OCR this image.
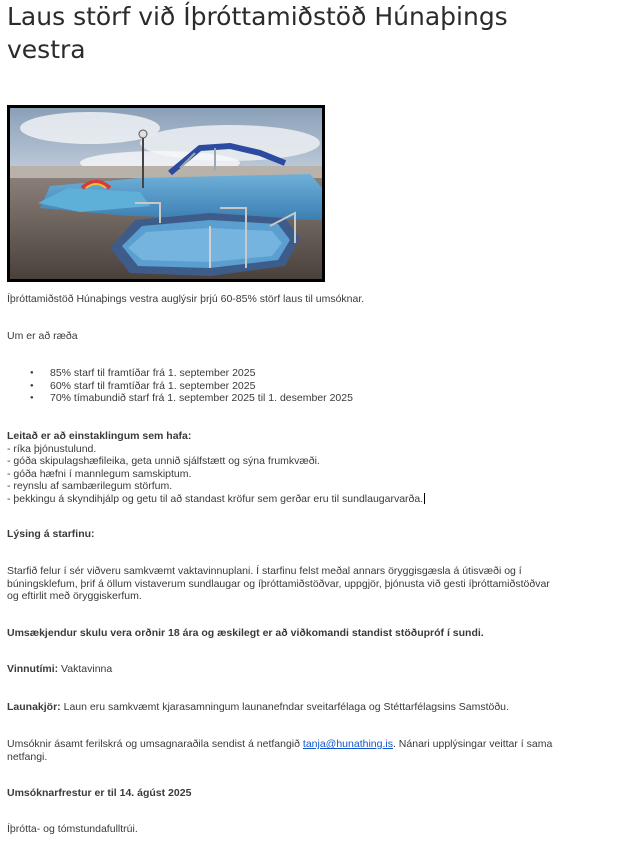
Laus störf við Íþróttamiðstöð Húnaþings vestra

Íþróttamiðstöð Húnaþings vestra auglýsir þrjú 60-85% störf laus til umsóknar.

Um er að ræða

● 85% starf til framtíðar frá 1. september 2025
● 60% starf til framtíðar frá 1. september 2025
● 70% tímabundið starf frá 1. september 2025 til 1. desember 2025
Leitað er að einstaklingum sem hafa:
- ríka þjónustulund.
- góða skipulagshæfileika, geta unnið sjálfstætt og sýna frumkvæði.
- góða hæfni í mannlegum samskiptum.
- reynslu af sambærilegum störfum.
- þekkingu á skyndihjálp og getu til að standast kröfur sem gerðar eru til sundlaugarvarða.

Lýsing á starfinu:

Starfið felur í sér viðveru samkvæmt vaktavinnuplani. Í starfinu felst meðal annars öryggisgæsla á útisvæði og í búningsklefum, þrif á öllum vistaverum sundlaugar og íþróttamiðstöðvar, uppgjör, þjónusta við gesti íþróttamiðstöðvar og eftirlit með öryggiskerfum.

Umsækjendur skulu vera orðnir 18 ára og æskilegt er að viðkomandi standist stöðupróf í sundi.

Vinnutími: Vaktavinna

Launakjör: Laun eru samkvæmt kjarasamningum launanefndar sveitarfélaga og Stéttarfélagsins Samstöðu.

Umsóknir ásamt ferilskrá og umsagnaraðila sendist á netfangið tanja@hunathing.is. Nánari upplýsingar veittar í sama netfangi.

Umsóknarfrestur er til 14. ágúst 2025

Íþrótta- og tómstundafulltrúi.
